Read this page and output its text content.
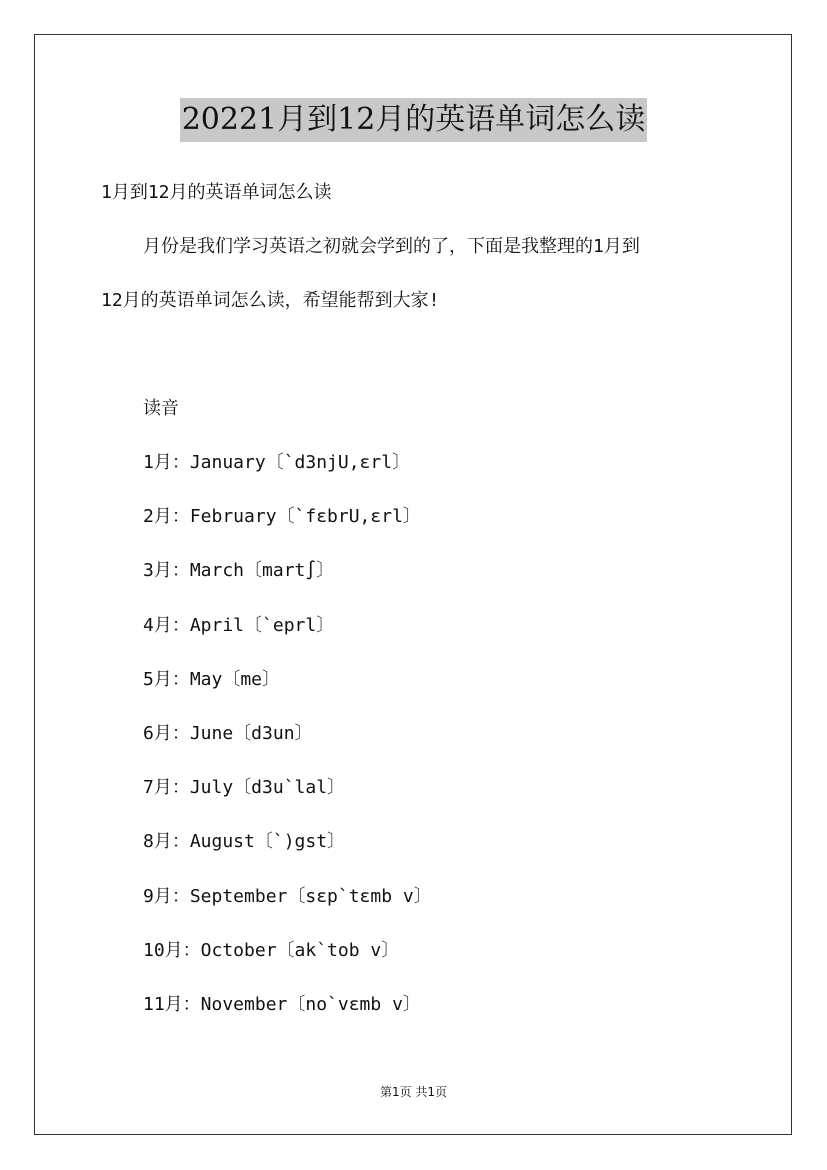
20221月到12月的英语单词怎么读
1月到12月的英语单词怎么读
月份是我们学习英语之初就会学到的了，下面是我整理的1月到
12月的英语单词怎么读，希望能帮到大家!
读音
1月：January〔`d3njU,εrl〕
2月：February〔`fεbrU,εrl〕
3月：March〔mart∫〕
4月：April〔`eprl〕
5月：May〔me〕
6月：June〔d3un〕
7月：July〔d3u`lal〕
8月：August〔`)gst〕
9月：September〔sεp`tεmb v〕
10月：October〔ak`tob v〕
11月：November〔no`vεmb v〕
第1页 共1页
